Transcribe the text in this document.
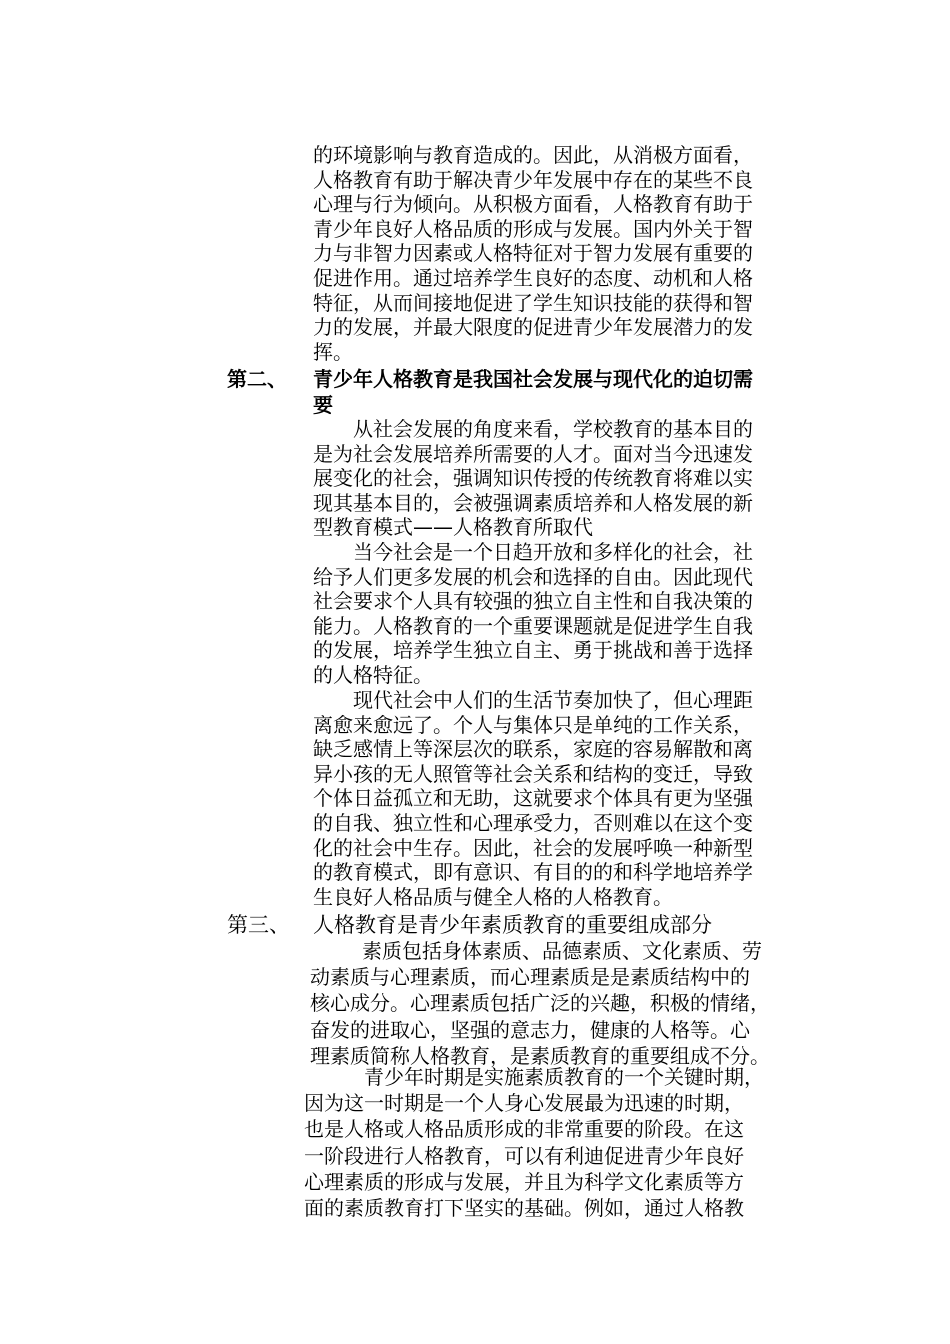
的环境影响与教育造成的。因此，从消极方面看，
人格教育有助于解决青少年发展中存在的某些不良
心理与行为倾向。从积极方面看，人格教育有助于
青少年良好人格品质的形成与发展。国内外关于智
力与非智力因素或人格特征对于智力发展有重要的
促进作用。通过培养学生良好的态度、动机和人格
特征，从而间接地促进了学生知识技能的获得和智
力的发展，并最大限度的促进青少年发展潜力的发
挥。
第二、 青少年人格教育是我国社会发展与现代化的迫切需
要
从社会发展的角度来看，学校教育的基本目的
是为社会发展培养所需要的人才。面对当今迅速发
展变化的社会，强调知识传授的传统教育将难以实
现其基本目的，会被强调素质培养和人格发展的新
型教育模式——人格教育所取代
当今社会是一个日趋开放和多样化的社会，社
给予人们更多发展的机会和选择的自由。因此现代
社会要求个人具有较强的独立自主性和自我决策的
能力。人格教育的一个重要课题就是促进学生自我
的发展，培养学生独立自主、勇于挑战和善于选择
的人格特征。
现代社会中人们的生活节奏加快了，但心理距
离愈来愈远了。个人与集体只是单纯的工作关系，
缺乏感情上等深层次的联系，家庭的容易解散和离
异小孩的无人照管等社会关系和结构的变迁，导致
个体日益孤立和无助，这就要求个体具有更为坚强
的自我、独立性和心理承受力，否则难以在这个变
化的社会中生存。因此，社会的发展呼唤一种新型
的教育模式，即有意识、有目的的和科学地培养学
生良好人格品质与健全人格的人格教育。
第三、 人格教育是青少年素质教育的重要组成部分
素质包括身体素质、品德素质、文化素质、劳
动素质与心理素质，而心理素质是是素质结构中的
核心成分。心理素质包括广泛的兴趣，积极的情绪，
奋发的进取心，坚强的意志力，健康的人格等。心
理素质简称人格教育，是素质教育的重要组成不分。
青少年时期是实施素质教育的一个关键时期，
因为这一时期是一个人身心发展最为迅速的时期，
也是人格或人格品质形成的非常重要的阶段。在这
一阶段进行人格教育，可以有利迪促进青少年良好
心理素质的形成与发展，并且为科学文化素质等方
面的素质教育打下坚实的基础。例如，通过人格教
